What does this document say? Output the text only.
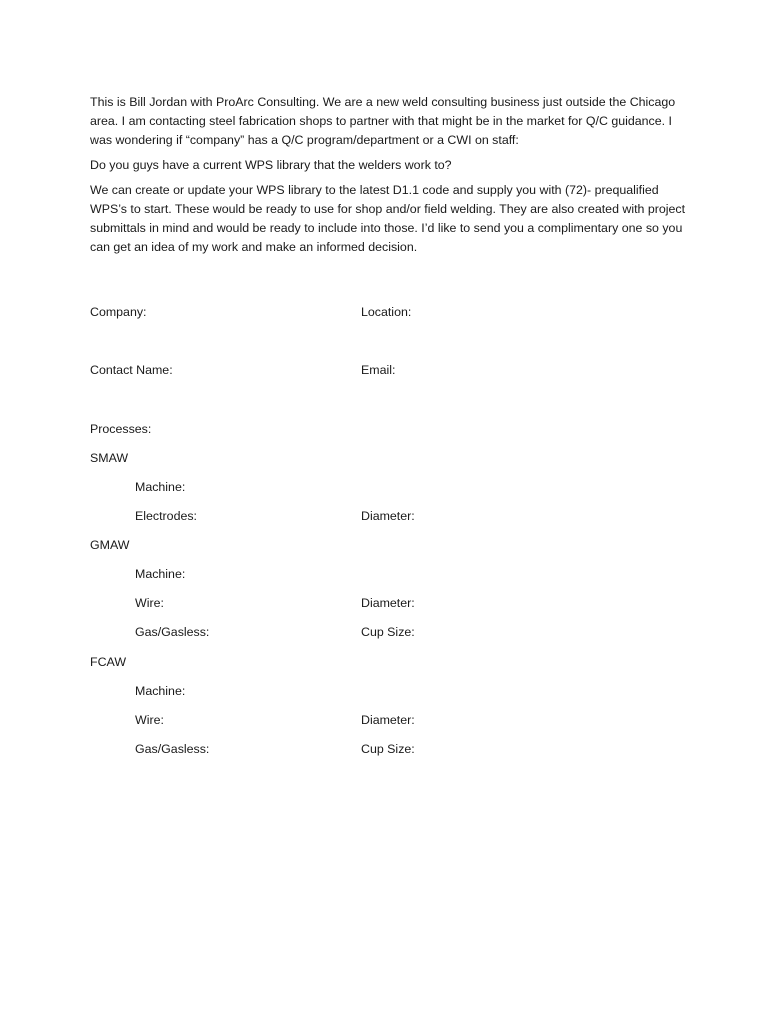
This is Bill Jordan with ProArc Consulting. We are a new weld consulting business just outside the Chicago area. I am contacting steel fabrication shops to partner with that might be in the market for Q/C guidance. I was wondering if “company” has a Q/C program/department or a CWI on staff:

Do you guys have a current WPS library that the welders work to?

We can create or update your WPS library to the latest D1.1 code and supply you with (72)- prequalified WPS’s to start. These would be ready to use for shop and/or field welding. They are also created with project submittals in mind and would be ready to include into those. I’d like to send you a complimentary one so you can get an idea of my work and make an informed decision.

Company:	Location:
Contact Name:	Email:
Processes:
SMAW
Machine:
Electrodes:	Diameter:
GMAW
Machine:
Wire:	Diameter:
Gas/Gasless:	Cup Size:
FCAW
Machine:
Wire:	Diameter:
Gas/Gasless:	Cup Size:
